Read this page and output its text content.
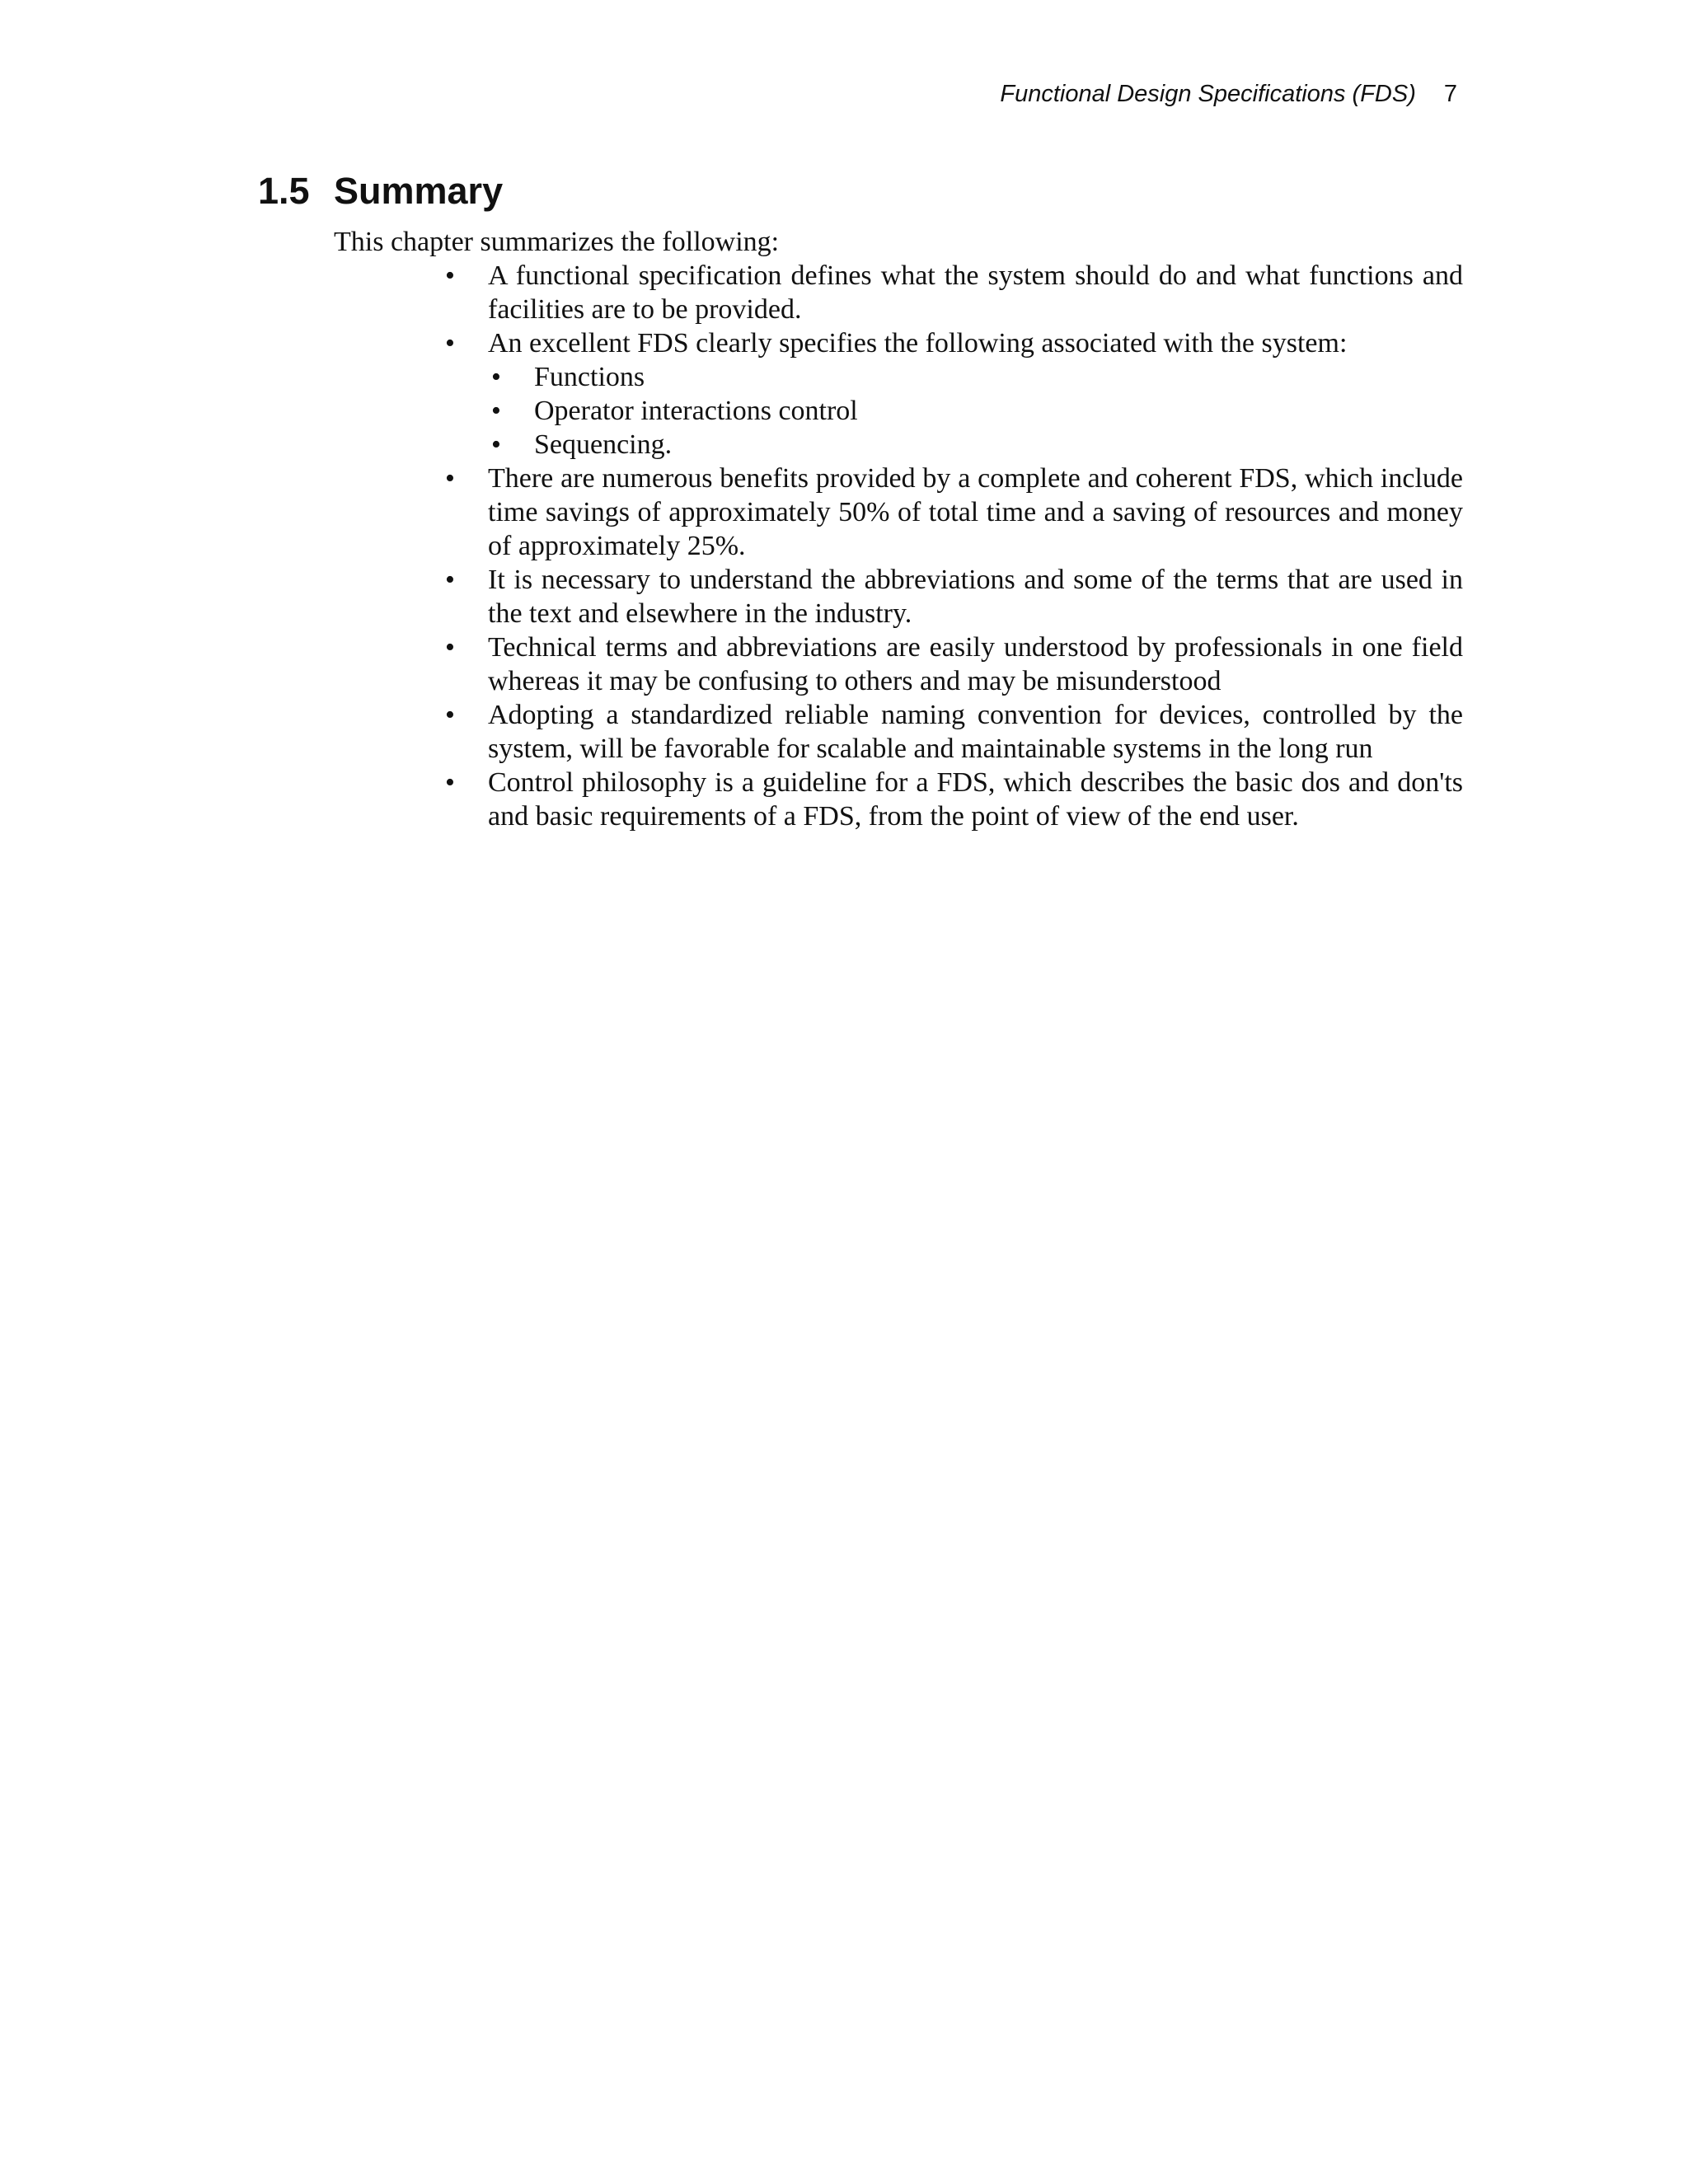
Functional Design Specifications (FDS) 7
1.5 Summary

This chapter summarizes the following:

• A functional specification defines what the system should do and what functions and facilities are to be provided.
• An excellent FDS clearly specifies the following associated with the system:
• Functions
• Operator interactions control
• Sequencing.
• There are numerous benefits provided by a complete and coherent FDS, which include time savings of approximately 50% of total time and a saving of resources and money of approximately 25%.
• It is necessary to understand the abbreviations and some of the terms that are used in the text and elsewhere in the industry.
• Technical terms and abbreviations are easily understood by professionals in one field whereas it may be confusing to others and may be misunderstood
• Adopting a standardized reliable naming convention for devices, controlled by the system, will be favorable for scalable and maintainable systems in the long run
• Control philosophy is a guideline for a FDS, which describes the basic dos and don'ts and basic requirements of a FDS, from the point of view of the end user.
